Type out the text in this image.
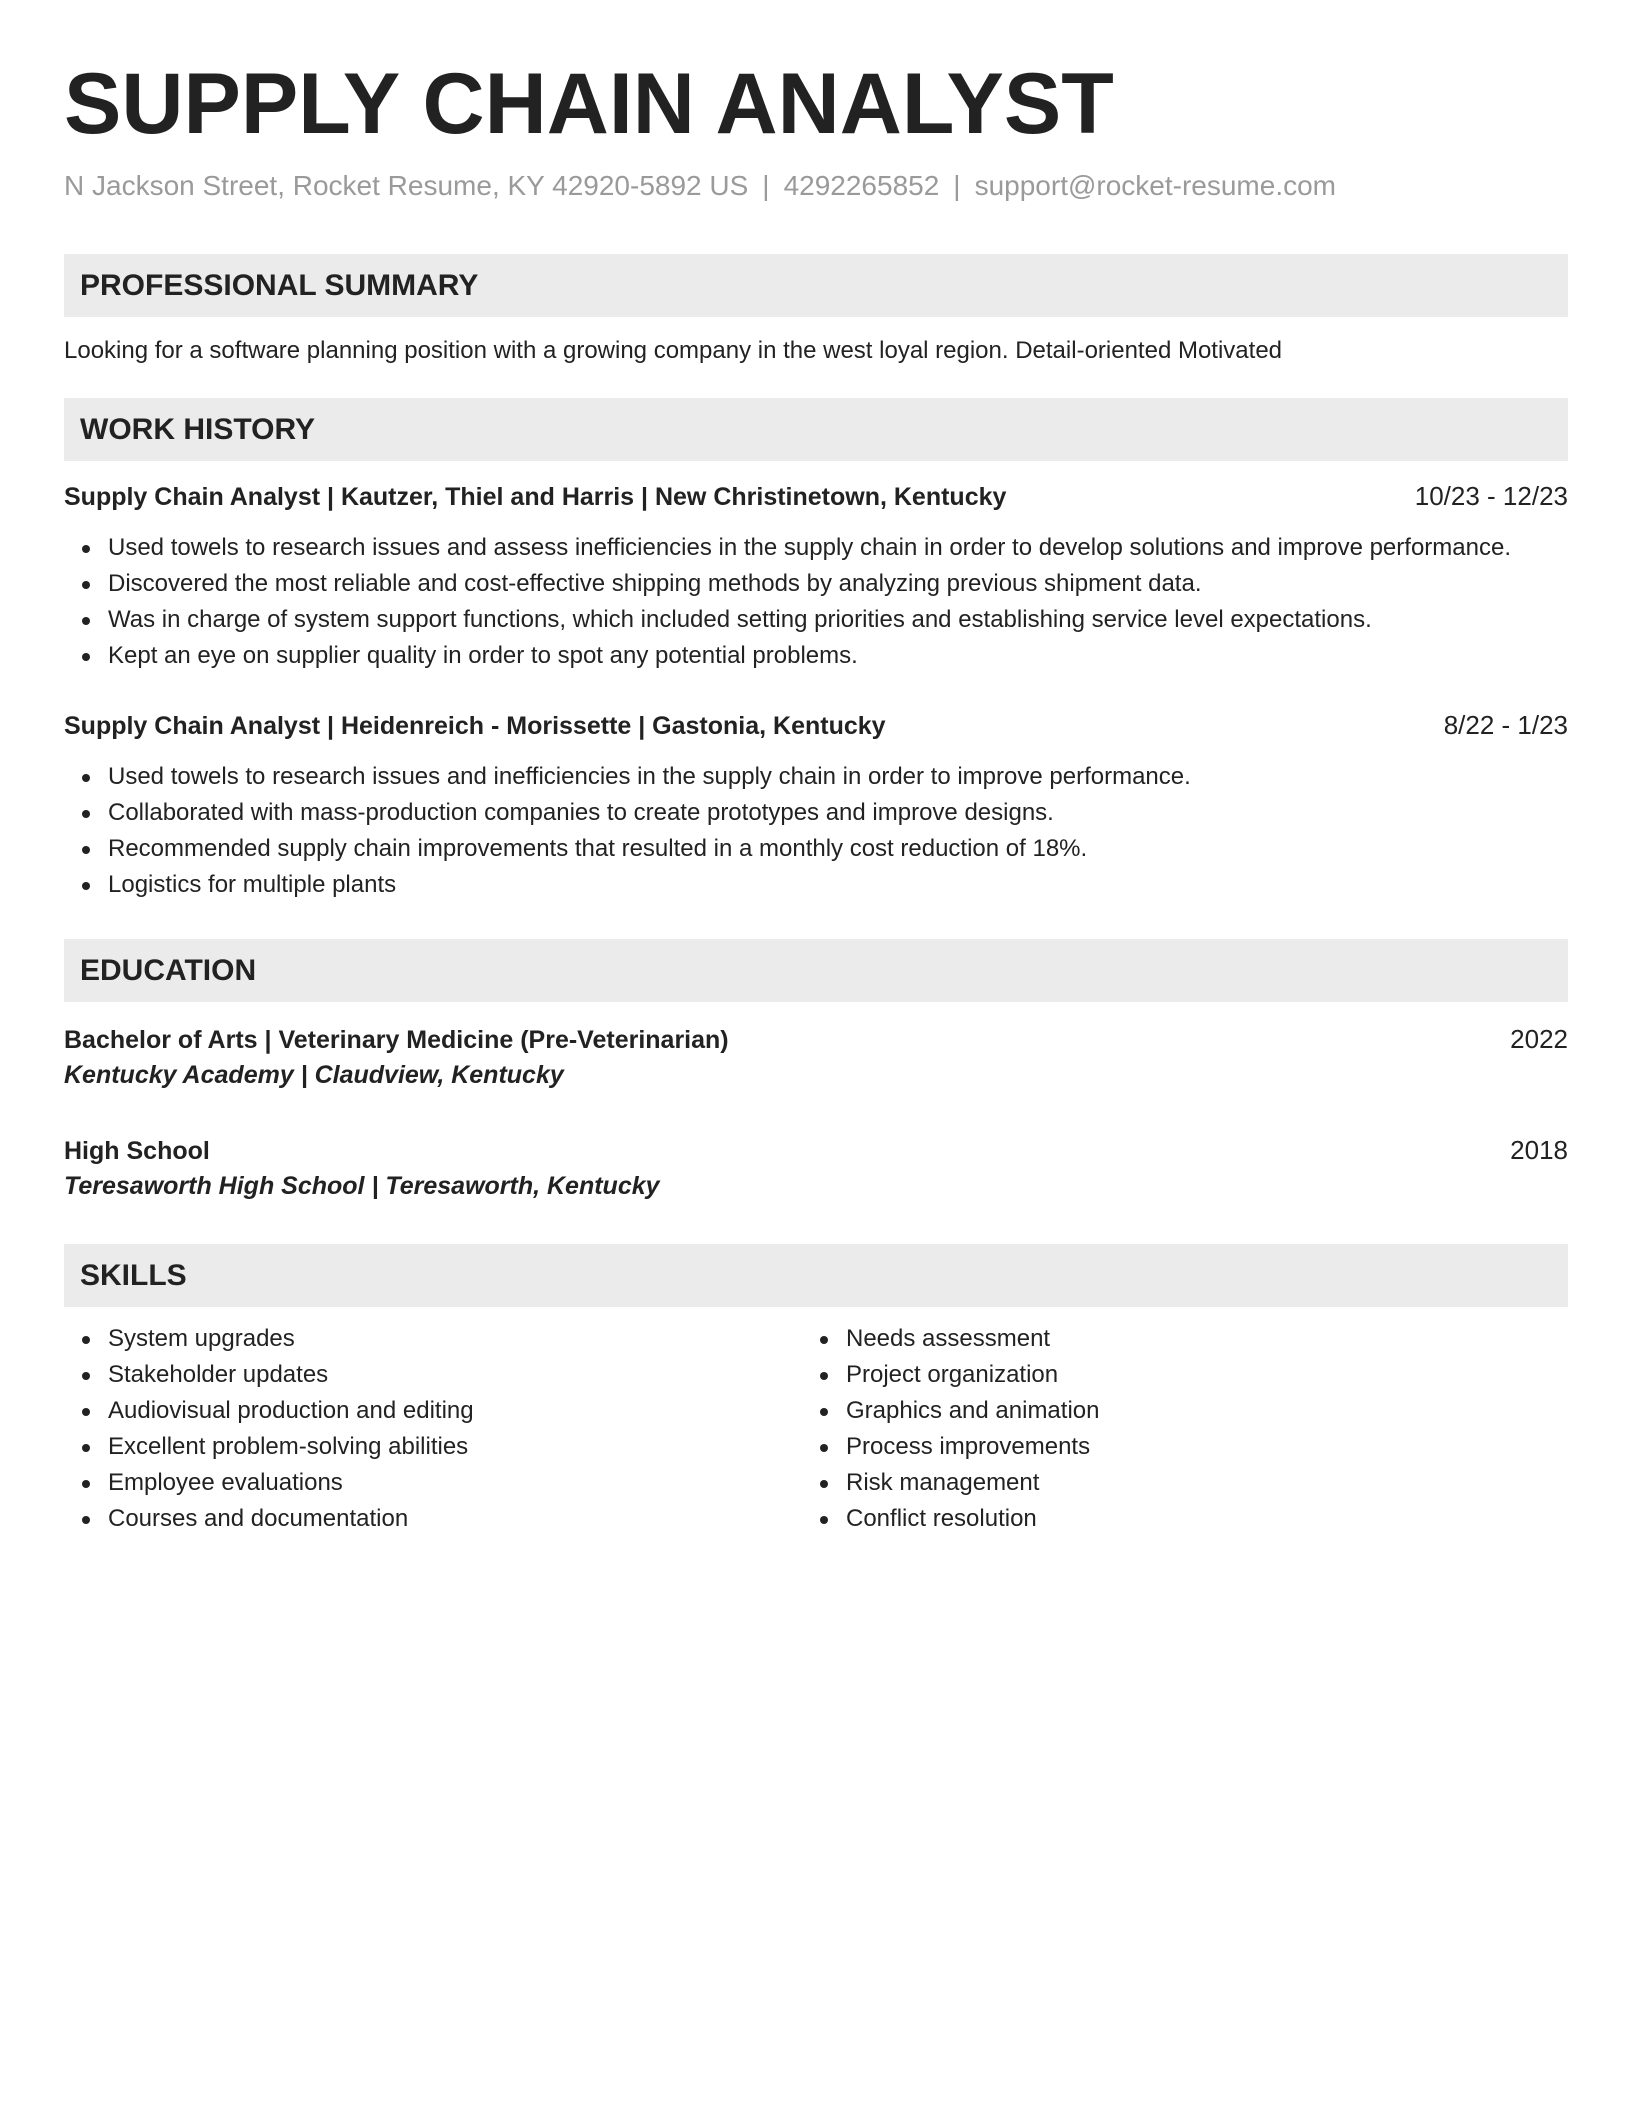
SUPPLY CHAIN ANALYST
N Jackson Street, Rocket Resume, KY 42920-5892 US | 4292265852 | support@rocket-resume.com
PROFESSIONAL SUMMARY
Looking for a software planning position with a growing company in the west loyal region. Detail-oriented Motivated
WORK HISTORY
Supply Chain Analyst | Kautzer, Thiel and Harris | New Christinetown, Kentucky	10/23 - 12/23
Used towels to research issues and assess inefficiencies in the supply chain in order to develop solutions and improve performance.
Discovered the most reliable and cost-effective shipping methods by analyzing previous shipment data.
Was in charge of system support functions, which included setting priorities and establishing service level expectations.
Kept an eye on supplier quality in order to spot any potential problems.
Supply Chain Analyst | Heidenreich - Morissette | Gastonia, Kentucky	8/22 - 1/23
Used towels to research issues and inefficiencies in the supply chain in order to improve performance.
Collaborated with mass-production companies to create prototypes and improve designs.
Recommended supply chain improvements that resulted in a monthly cost reduction of 18%.
Logistics for multiple plants
EDUCATION
Bachelor of Arts | Veterinary Medicine (Pre-Veterinarian)	2022
Kentucky Academy | Claudview, Kentucky
High School	2018
Teresaworth High School | Teresaworth, Kentucky
SKILLS
System upgrades
Stakeholder updates
Audiovisual production and editing
Excellent problem-solving abilities
Employee evaluations
Courses and documentation
Needs assessment
Project organization
Graphics and animation
Process improvements
Risk management
Conflict resolution
